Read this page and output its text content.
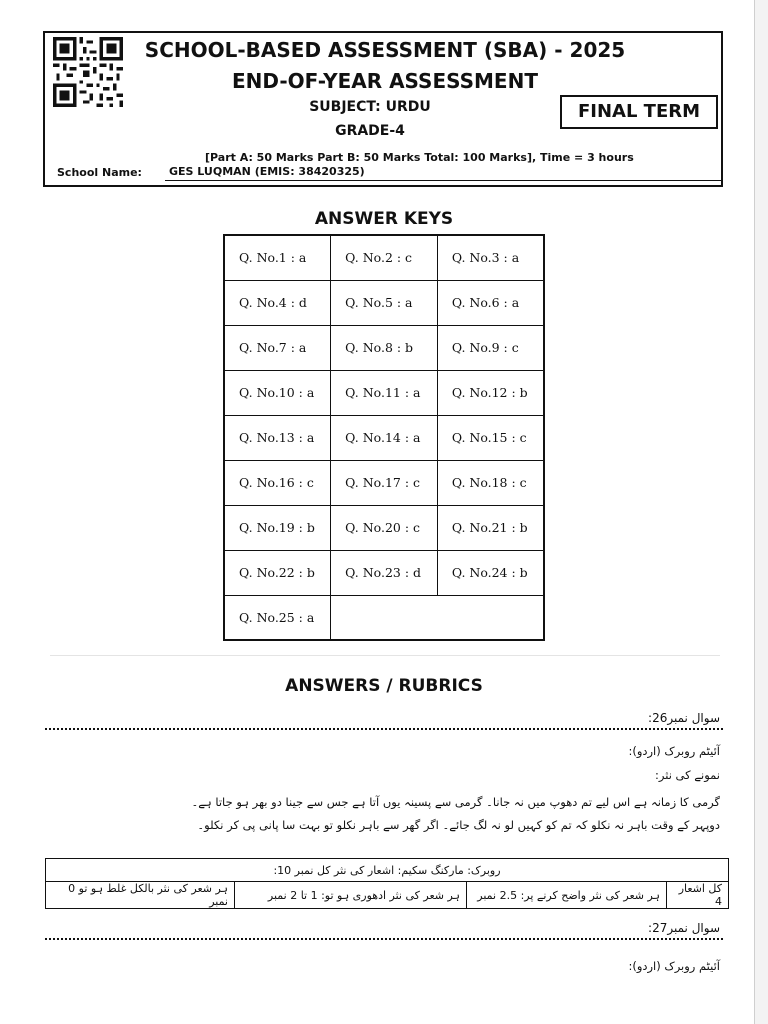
SCHOOL-BASED ASSESSMENT (SBA) - 2025
END-OF-YEAR ASSESSMENT
SUBJECT: URDU
GRADE-4
FINAL TERM
[Part A: 50 Marks Part B: 50 Marks Total: 100 Marks], Time = 3 hours
School Name:	GES LUQMAN (EMIS: 38420325)
ANSWER KEYS
Q. No.1 : a	Q. No.2 : c	Q. No.3 : a
Q. No.4 : d	Q. No.5 : a	Q. No.6 : a
Q. No.7 : a	Q. No.8 : b	Q. No.9 : c
Q. No.10 : a	Q. No.11 : a	Q. No.12 : b
Q. No.13 : a	Q. No.14 : a	Q. No.15 : c
Q. No.16 : c	Q. No.17 : c	Q. No.18 : c
Q. No.19 : b	Q. No.20 : c	Q. No.21 : b
Q. No.22 : b	Q. No.23 : d	Q. No.24 : b
Q. No.25 : a		
ANSWERS / RUBRICS
سوال نمبر26:
آئیٹم روبرک (اردو):
نمونے کی نثر:
گرمی کا زمانہ ہے اس لیے تم دھوپ میں نہ جانا۔ گرمی سے پسینہ یوں آتا ہے جس سے جینا دو بھر ہو جاتا ہے۔
دوپہر کے وقت باہر نہ نکلو کہ تم کو کہیں لو نہ لگ جائے۔ اگر گھر سے باہر نکلو تو بہت سا پانی پی کر نکلو۔
روبرک: مارکنگ سکیم: اشعار کی نثر کل نمبر 10:
کل اشعار 4	ہر شعر کی نثر واضح کرنے پر: 2.5 نمبر	ہر شعر کی نثر ادھوری ہو تو: 1 تا 2 نمبر	ہر شعر کی نثر بالکل غلط ہو تو 0 نمبر
سوال نمبر27:
آئیٹم روبرک (اردو):
